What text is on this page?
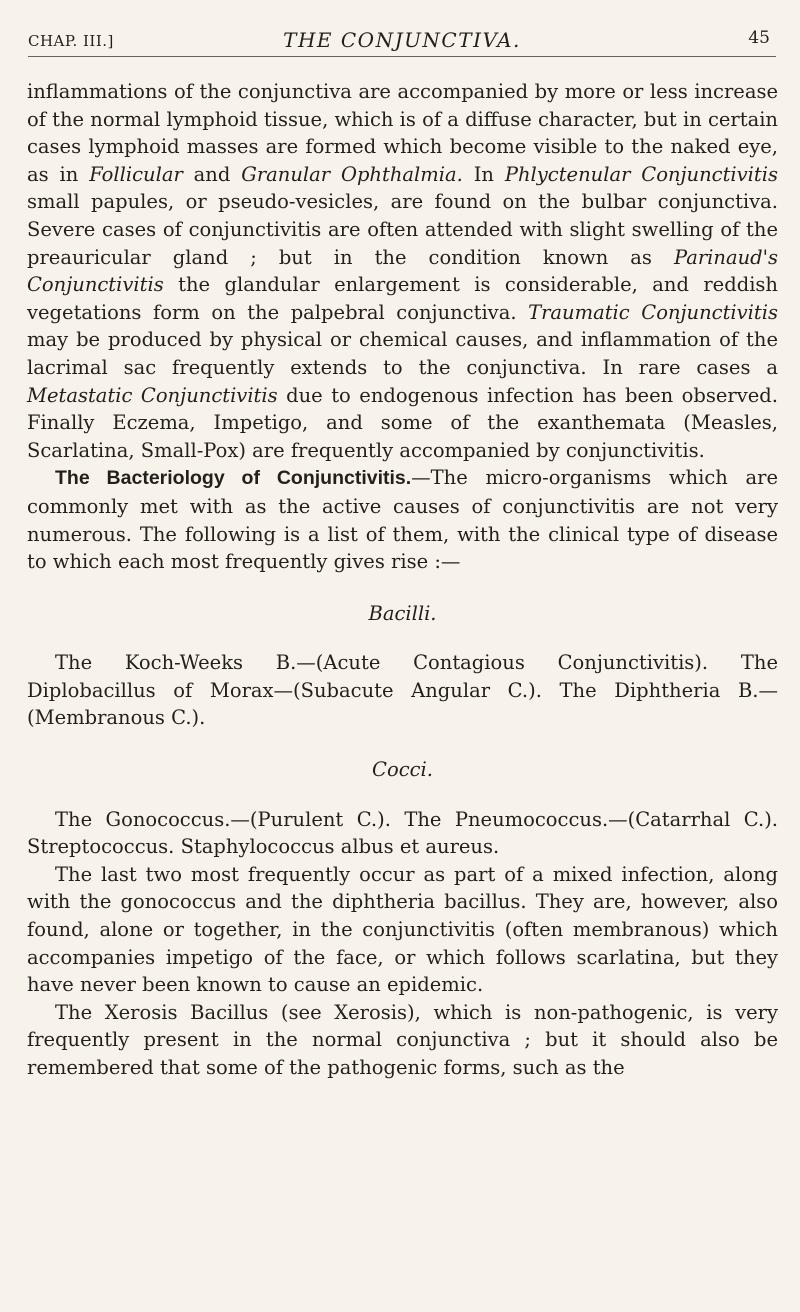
CHAP. III.]	THE CONJUNCTIVA.	45

inflammations of the conjunctiva are accompanied by more or less increase of the normal lymphoid tissue, which is of a diffuse character, but in certain cases lymphoid masses are formed which become visible to the naked eye, as in Follicular and Granular Ophthalmia. In Phlyctenular Conjunctivitis small papules, or pseudo-vesicles, are found on the bulbar conjunctiva. Severe cases of conjunctivitis are often attended with slight swelling of the preauricular gland ; but in the condition known as Parinaud's Conjunctivitis the glandular enlargement is considerable, and reddish vegetations form on the palpebral conjunctiva. Traumatic Conjunctivitis may be produced by physical or chemical causes, and inflammation of the lacrimal sac frequently extends to the conjunctiva. In rare cases a Metastatic Conjunctivitis due to endogenous infection has been observed. Finally Eczema, Impetigo, and some of the exanthemata (Measles, Scarlatina, Small-Pox) are frequently accompanied by conjunctivitis.

The Bacteriology of Conjunctivitis.—The micro-organisms which are commonly met with as the active causes of conjunctivitis are not very numerous. The following is a list of them, with the clinical type of disease to which each most frequently gives rise :—

Bacilli.

The Koch-Weeks B.—(Acute Contagious Conjunctivitis). The Diplobacillus of Morax—(Subacute Angular C.). The Diphtheria B.—(Membranous C.).

Cocci.

The Gonococcus.—(Purulent C.). The Pneumococcus.—(Catarrhal C.). Streptococcus. Staphylococcus albus et aureus.

The last two most frequently occur as part of a mixed infection, along with the gonococcus and the diphtheria bacillus. They are, however, also found, alone or together, in the conjunctivitis (often membranous) which accompanies impetigo of the face, or which follows scarlatina, but they have never been known to cause an epidemic.

The Xerosis Bacillus (see Xerosis), which is non-pathogenic, is very frequently present in the normal conjunctiva ; but it should also be remembered that some of the pathogenic forms, such as the
